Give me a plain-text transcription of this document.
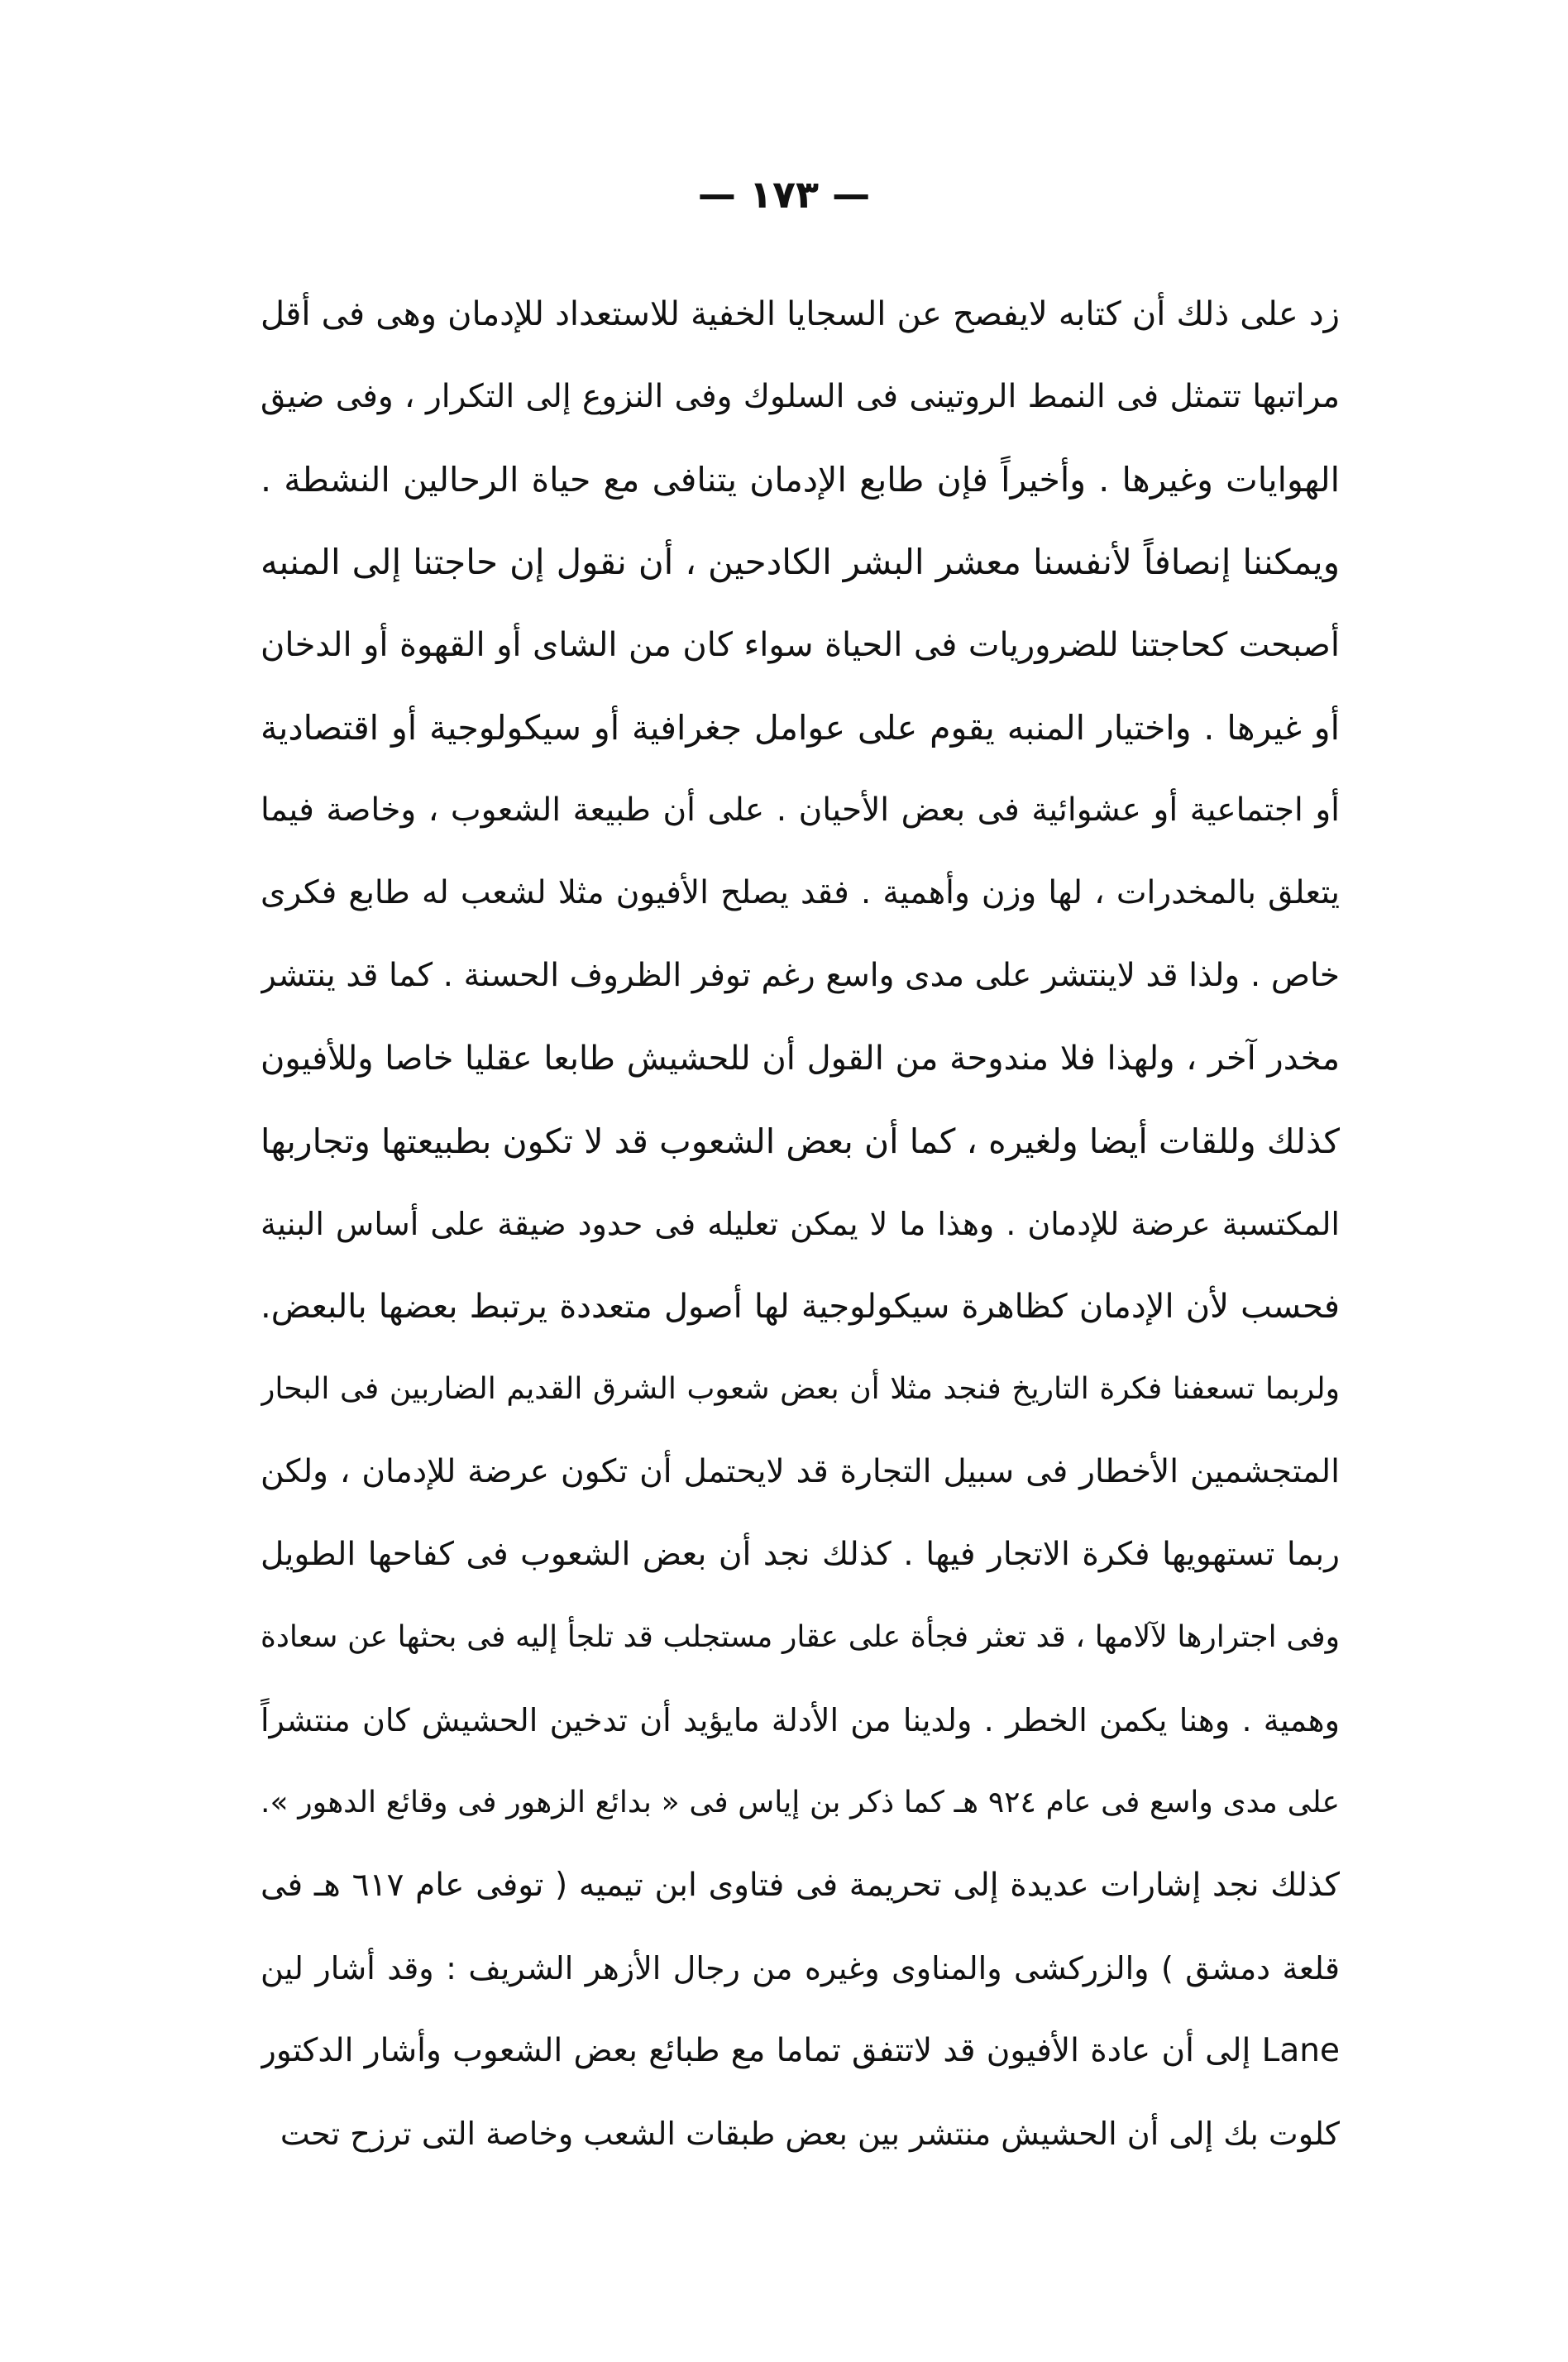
— ١٧٣ —
زد على ذلك أن كتابه لايفصح عن السجايا الخفية للاستعداد للإدمان وهى فى أقل
مراتبها تتمثل فى النمط الروتينى فى السلوك وفى النزوع إلى التكرار ، وفى ضيق
الهوايات وغيرها . وأخيراً فإن طابع الإدمان يتنافى مع حياة الرحالين النشطة .
ويمكننا إنصافاً لأنفسنا معشر البشر الكادحين ، أن نقول إن حاجتنا إلى المنبه
أصبحت كحاجتنا للضروريات فى الحياة سواء كان من الشاى أو القهوة أو الدخان
أو غيرها . واختيار المنبه يقوم على عوامل جغرافية أو سيكولوجية أو اقتصادية
أو اجتماعية أو عشوائية فى بعض الأحيان . على أن طبيعة الشعوب ، وخاصة فيما
يتعلق بالمخدرات ، لها وزن وأهمية . فقد يصلح الأفيون مثلا لشعب له طابع فكرى
خاص . ولذا قد لاينتشر على مدى واسع رغم توفر الظروف الحسنة . كما قد ينتشر
مخدر آخر ، ولهذا فلا مندوحة من القول أن للحشيش طابعا عقليا خاصا وللأفيون
كذلك وللقات أيضا ولغيره ، كما أن بعض الشعوب قد لا تكون بطبيعتها وتجاربها
المكتسبة عرضة للإدمان . وهذا ما لا يمكن تعليله فى حدود ضيقة على أساس البنية
فحسب لأن الإدمان كظاهرة سيكولوجية لها أصول متعددة يرتبط بعضها بالبعض.
ولربما تسعفنا فكرة التاريخ فنجد مثلا أن بعض شعوب الشرق القديم الضاربين فى البحار
المتجشمين الأخطار فى سبيل التجارة قد لايحتمل أن تكون عرضة للإدمان ، ولكن
ربما تستهويها فكرة الاتجار فيها . كذلك نجد أن بعض الشعوب فى كفاحها الطويل
وفى اجترارها لآلامها ، قد تعثر فجأة على عقار مستجلب قد تلجأ إليه فى بحثها عن سعادة
وهمية . وهنا يكمن الخطر . ولدينا من الأدلة مايؤيد أن تدخين الحشيش كان منتشراً
على مدى واسع فى عام ٩٢٤ هـ كما ذكر بن إياس فى « بدائع الزهور فى وقائع الدهور ».
كذلك نجد إشارات عديدة إلى تحريمة فى فتاوى ابن تيميه ( توفى عام ٦١٧ هـ فى
قلعة دمشق ) والزركشى والمناوى وغيره من رجال الأزهر الشريف : وقد أشار لين
Lane إلى أن عادة الأفيون قد لاتتفق تماما مع طبائع بعض الشعوب وأشار الدكتور
كلوت بك إلى أن الحشيش منتشر بين بعض طبقات الشعب وخاصة التى ترزح تحت
